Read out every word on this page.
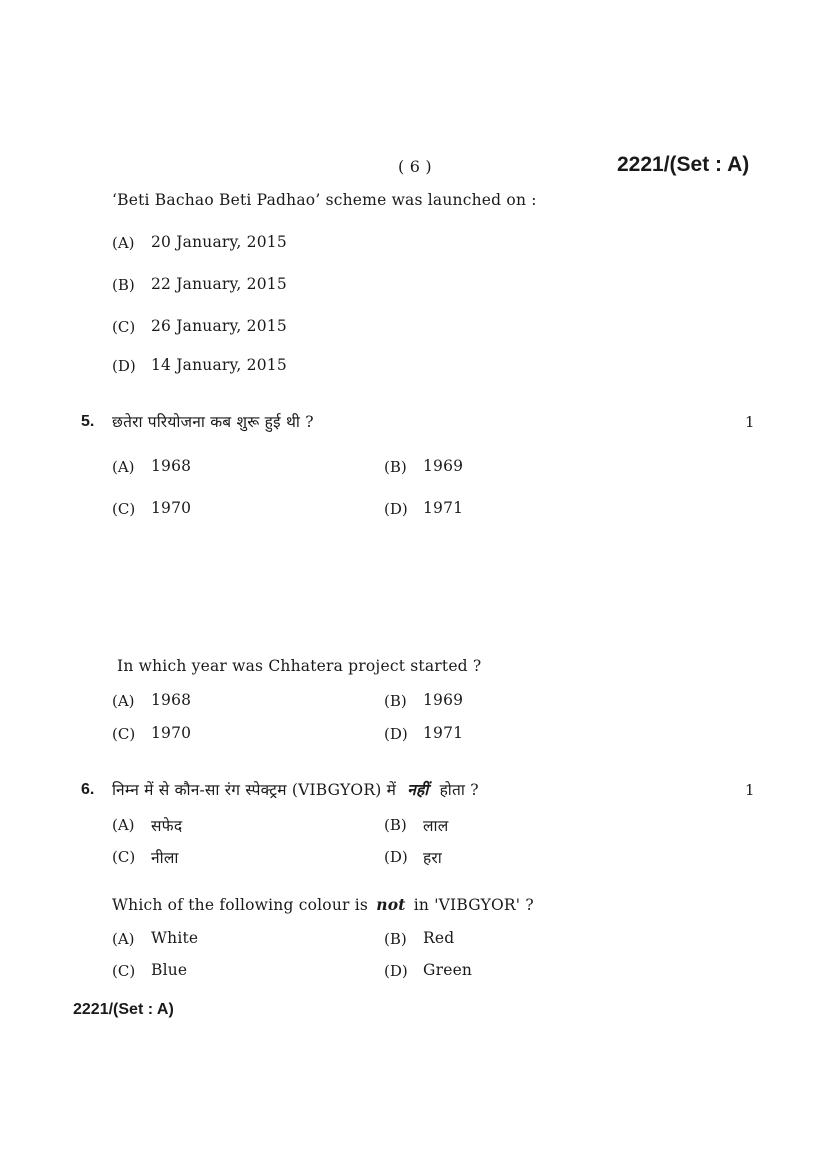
( 6 )	2221/(Set : A)
‘Beti Bachao Beti Padhao’ scheme was launched on :
(A) 20 January, 2015
(B) 22 January, 2015
(C) 26 January, 2015
(D) 14 January, 2015
5. छतेरा परियोजना कब शुरू हुई थी ?	1
(A) 1968	(B) 1969
(C) 1970	(D) 1971
In which year was Chhatera project started ?
(A) 1968	(B) 1969
(C) 1970	(D) 1971
6. निम्न में से कौन-सा रंग स्पेक्ट्रम (VIBGYOR) में नहीं होता ?	1
(A) सफेद	(B) लाल
(C) नीला	(D) हरा
Which of the following colour is not in 'VIBGYOR' ?
(A) White	(B) Red
(C) Blue	(D) Green
2221/(Set : A)
